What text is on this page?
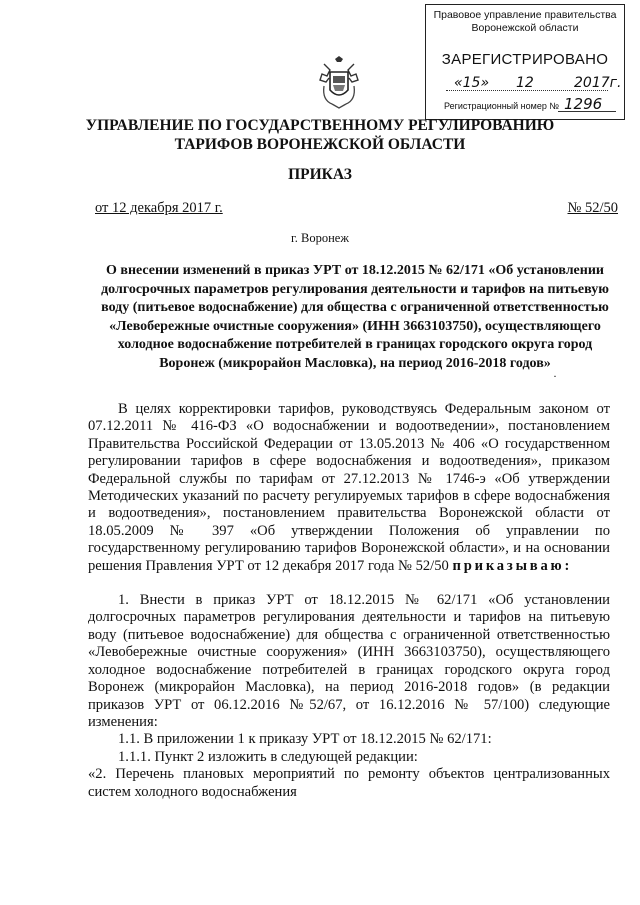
Правовое управление правительства
Воронежской области
ЗАРЕГИСТРИРОВАНО
«15» 12	2017г.
Регистрационный номер № 1296
УПРАВЛЕНИЕ ПО ГОСУДАРСТВЕННОМУ РЕГУЛИРОВАНИЮ
ТАРИФОВ ВОРОНЕЖСКОЙ ОБЛАСТИ
ПРИКАЗ
от 12 декабря 2017 г.	№ 52/50
г. Воронеж
О внесении изменений в приказ УРТ от 18.12.2015 № 62/171 «Об установлении долгосрочных параметров регулирования деятельности и тарифов на питьевую воду (питьевое водоснабжение) для общества с ограниченной ответственностью «Левобережные очистные сооружения» (ИНН 3663103750), осуществляющего холодное водоснабжение потребителей в границах городского округа город Воронеж (микрорайон Масловка), на период 2016-2018 годов»
·

В целях корректировки тарифов, руководствуясь Федеральным законом от 07.12.2011 № 416-ФЗ «О водоснабжении и водоотведении», постановлением Правительства Российской Федерации от 13.05.2013 № 406 «О государственном регулировании тарифов в сфере водоснабжения и водоотведения», приказом Федеральной службы по тарифам от 27.12.2013 № 1746-э «Об утверждении Методических указаний по расчету регулируемых тарифов в сфере водоснабжения и водоотведения», постановлением правительства Воронежской области от 18.05.2009 № 397 «Об утверждении Положения об управлении по государственному регулированию тарифов Воронежской области», и на основании решения Правления УРТ от 12 декабря 2017 года № 52/50 приказываю:

1. Внести в приказ УРТ от 18.12.2015 № 62/171 «Об установлении долгосрочных параметров регулирования деятельности и тарифов на питьевую воду (питьевое водоснабжение) для общества с ограниченной ответственностью «Левобережные очистные сооружения» (ИНН 3663103750), осуществляющего холодное водоснабжение потребителей в границах городского округа город Воронеж (микрорайон Масловка), на период 2016-2018 годов» (в редакции приказов УРТ от 06.12.2016 №52/67, от 16.12.2016 № 57/100) следующие изменения:

1.1. В приложении 1 к приказу УРТ от 18.12.2015 № 62/171:

1.1.1. Пункт 2 изложить в следующей редакции:

«2. Перечень плановых мероприятий по ремонту объектов централизованных систем холодного водоснабжения
